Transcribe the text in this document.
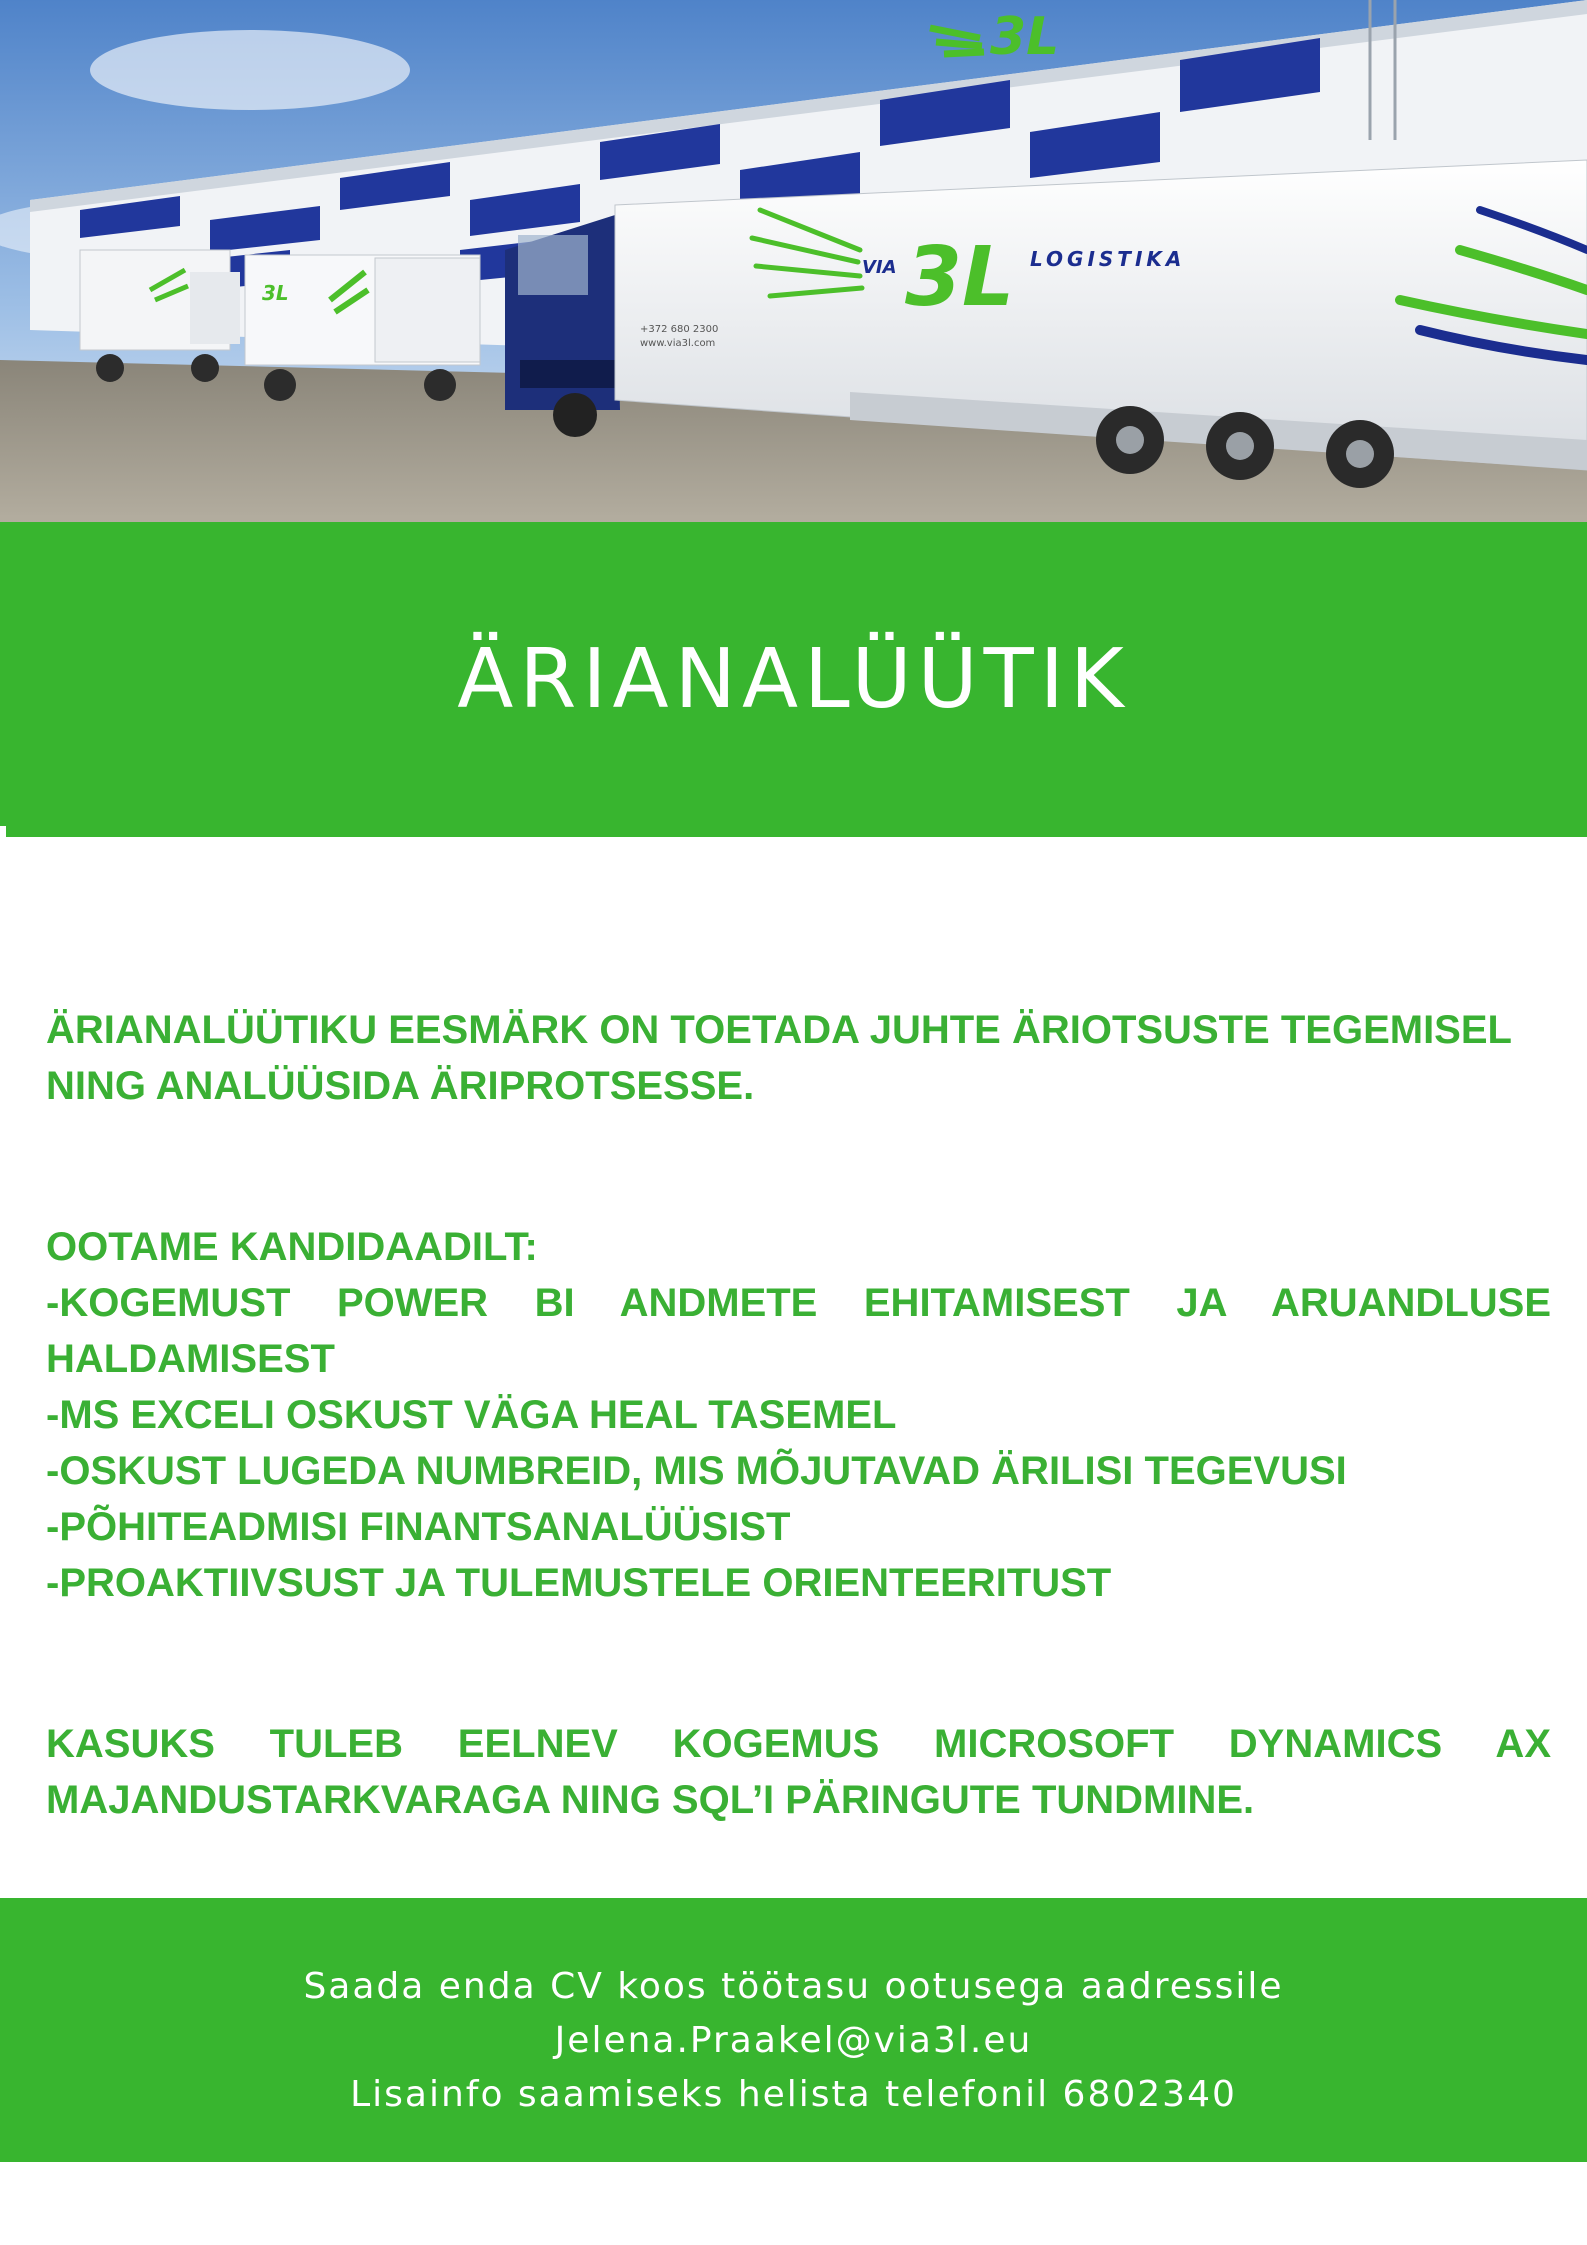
3L
3L
VIA 3L LOGISTIKA
+372 680 2300
www.via3l.com
ÄRIANALÜÜTIK
ÄRIANALÜÜTIKU EESMÄRK ON TOETADA JUHTE ÄRIOTSUSTE TEGEMISEL NING ANALÜÜSIDA ÄRIPROTSESSE.
OOTAME KANDIDAADILT:
-KOGEMUST POWER BI ANDMETE EHITAMISEST JA ARUANDLUSE HALDAMISEST
-MS EXCELI OSKUST VÄGA HEAL TASEMEL
-OSKUST LUGEDA NUMBREID, MIS MÕJUTAVAD ÄRILISI TEGEVUSI
-PÕHITEADMISI FINANTSANALÜÜSIST
-PROAKTIIVSUST JA TULEMUSTELE ORIENTEERITUST
KASUKS TULEB EELNEV KOGEMUS MICROSOFT DYNAMICS AX MAJANDUSTARKVARAGA NING SQL’I PÄRINGUTE TUNDMINE.
Saada enda CV koos töötasu ootusega aadressile
Jelena.Praakel@via3l.eu
Lisainfo saamiseks helista telefonil 6802340
